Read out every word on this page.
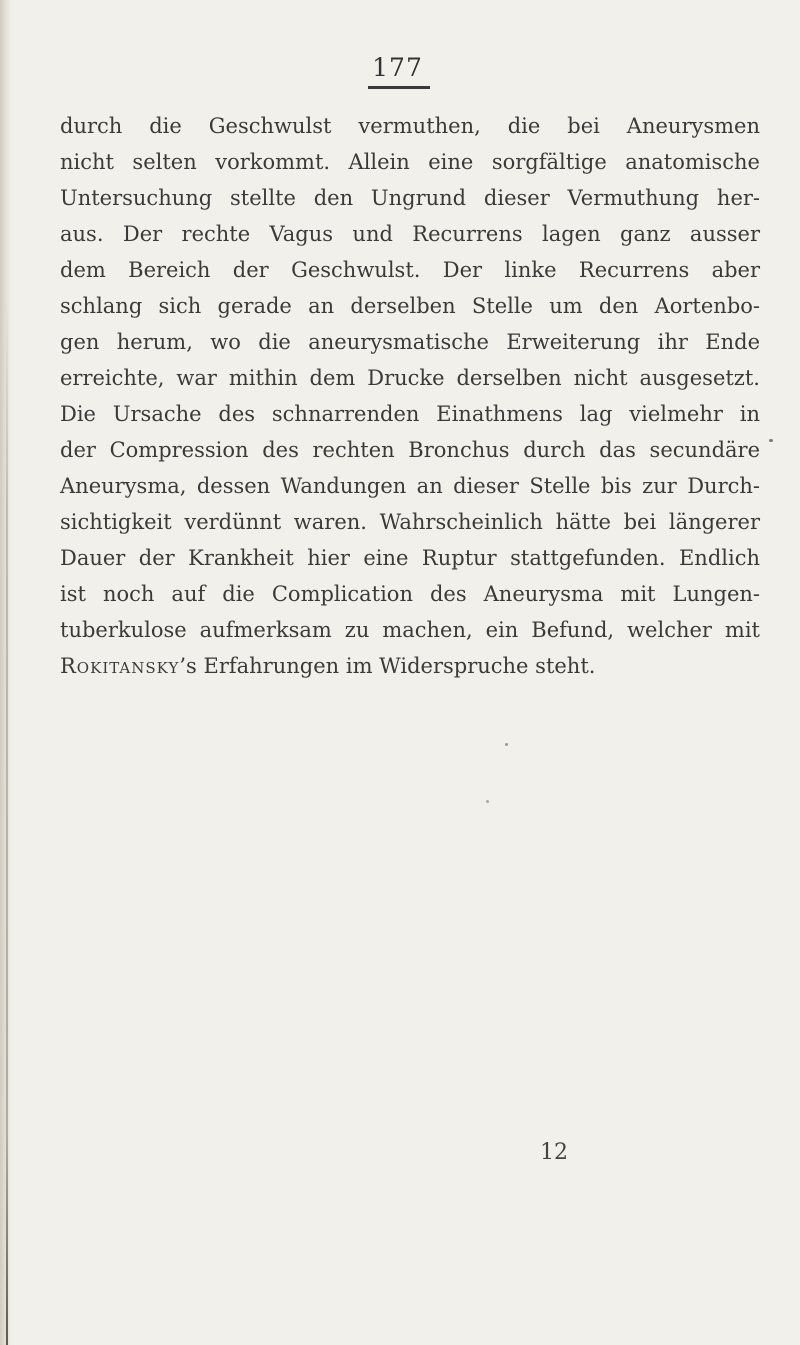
177
durch die Geschwulst vermuthen, die bei Aneurysmen
nicht selten vorkommt. Allein eine sorgfältige anatomische
Untersuchung stellte den Ungrund dieser Vermuthung her-
aus. Der rechte Vagus und Recurrens lagen ganz ausser
dem Bereich der Geschwulst. Der linke Recurrens aber
schlang sich gerade an derselben Stelle um den Aortenbo-
gen herum, wo die aneurysmatische Erweiterung ihr Ende
erreichte, war mithin dem Drucke derselben nicht ausgesetzt.
Die Ursache des schnarrenden Einathmens lag vielmehr in
der Compression des rechten Bronchus durch das secundäre
Aneurysma, dessen Wandungen an dieser Stelle bis zur Durch-
sichtigkeit verdünnt waren. Wahrscheinlich hätte bei längerer
Dauer der Krankheit hier eine Ruptur stattgefunden. Endlich
ist noch auf die Complication des Aneurysma mit Lungen-
tuberkulose aufmerksam zu machen, ein Befund, welcher mit
Rokitansky’s Erfahrungen im Widerspruche steht.
12
